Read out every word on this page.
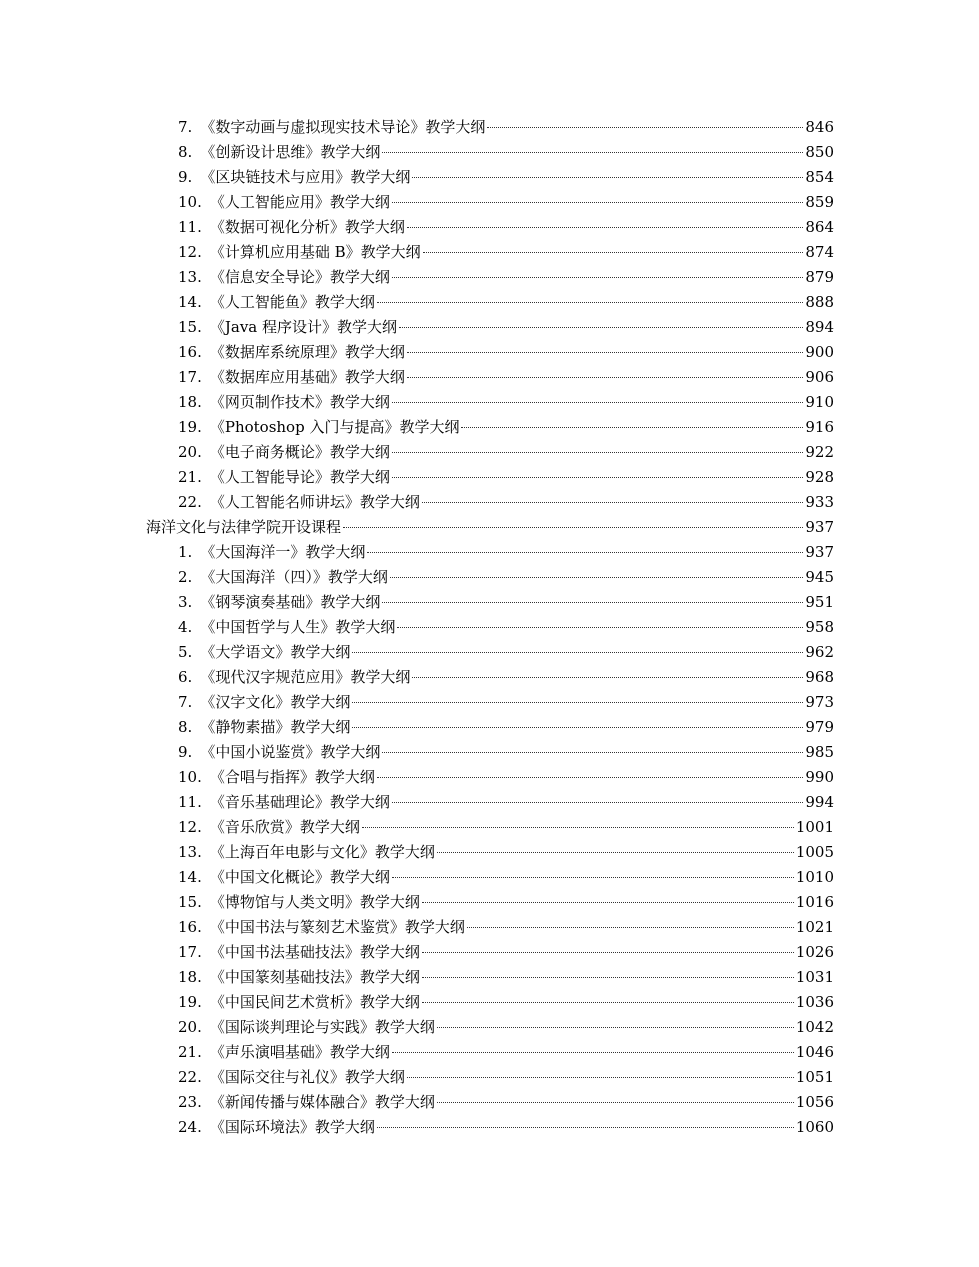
7. 《数字动画与虚拟现实技术导论》教学大纲	846
8. 《创新设计思维》教学大纲	850
9. 《区块链技术与应用》教学大纲	854
10. 《人工智能应用》教学大纲	859
11. 《数据可视化分析》教学大纲	864
12. 《计算机应用基础 B》教学大纲	874
13. 《信息安全导论》教学大纲	879
14. 《人工智能鱼》教学大纲	888
15. 《Java 程序设计》教学大纲	894
16. 《数据库系统原理》教学大纲	900
17. 《数据库应用基础》教学大纲	906
18. 《网页制作技术》教学大纲	910
19. 《Photoshop 入门与提高》教学大纲	916
20. 《电子商务概论》教学大纲	922
21. 《人工智能导论》教学大纲	928
22. 《人工智能名师讲坛》教学大纲	933
海洋文化与法律学院开设课程	937
1. 《大国海洋一》教学大纲	937
2. 《大国海洋（四）》教学大纲	945
3. 《钢琴演奏基础》教学大纲	951
4. 《中国哲学与人生》教学大纲	958
5. 《大学语文》教学大纲	962
6. 《现代汉字规范应用》教学大纲	968
7. 《汉字文化》教学大纲	973
8. 《静物素描》教学大纲	979
9. 《中国小说鉴赏》教学大纲	985
10. 《合唱与指挥》教学大纲	990
11. 《音乐基础理论》教学大纲	994
12. 《音乐欣赏》教学大纲	1001
13. 《上海百年电影与文化》教学大纲	1005
14. 《中国文化概论》教学大纲	1010
15. 《博物馆与人类文明》教学大纲	1016
16. 《中国书法与篆刻艺术鉴赏》教学大纲	1021
17. 《中国书法基础技法》教学大纲	1026
18. 《中国篆刻基础技法》教学大纲	1031
19. 《中国民间艺术赏析》教学大纲	1036
20. 《国际谈判理论与实践》教学大纲	1042
21. 《声乐演唱基础》教学大纲	1046
22. 《国际交往与礼仪》教学大纲	1051
23. 《新闻传播与媒体融合》教学大纲	1056
24. 《国际环境法》教学大纲	1060
